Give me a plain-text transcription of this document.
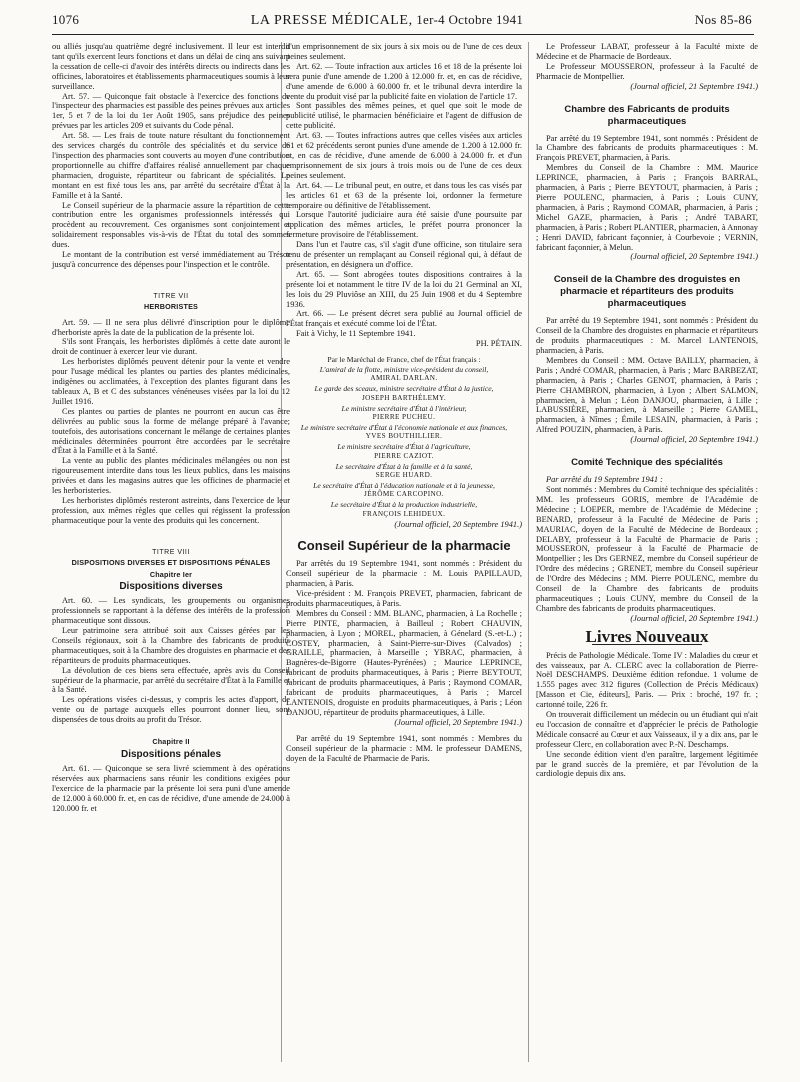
1076	LA PRESSE MÉDICALE, 1er-4 Octobre 1941	Nos 85-86

ou alliés jusqu'au quatrième degré inclusivement. Il leur est interdit tant qu'ils exercent leurs fonctions et dans un délai de cinq ans suivant la cessation de celle-ci d'avoir des intérêts directs ou indirects dans les officines, laboratoires et établissements pharmaceutiques soumis à leur surveillance.

Art. 57. — Quiconque fait obstacle à l'exercice des fonctions de l'inspecteur des pharmacies est passible des peines prévues aux articles 1er, 5 et 7 de la loi du 1er Août 1905, sans préjudice des peines prévues par les articles 209 et suivants du Code pénal.

Art. 58. — Les frais de toute nature résultant du fonctionnement des services chargés du contrôle des spécialités et du service de l'inspection des pharmacies sont couverts au moyen d'une contribution proportionnelle au chiffre d'affaires réalisé annuellement par chaque pharmacien, droguiste, répartiteur ou fabricant de spécialités. Le montant en est fixé tous les ans, par arrêté du secrétaire d'État à la Famille et à la Santé.

Le Conseil supérieur de la pharmacie assure la répartition de cette contribution entre les organismes professionnels intéressés qui procèdent au recouvrement. Ces organismes sont conjointement et solidairement responsables vis-à-vis de l'État du total des sommes dues.

Le montant de la contribution est versé immédiatement au Trésor jusqu'à concurrence des dépenses pour l'inspection et le contrôle.

TITRE VII

HERBORISTES

Art. 59. — Il ne sera plus délivré d'inscription pour le diplôme d'herboriste après la date de la publication de la présente loi.

S'ils sont Français, les herboristes diplômés à cette date auront le droit de continuer à exercer leur vie durant.

Les herboristes diplômés peuvent détenir pour la vente et vendre pour l'usage médical les plantes ou parties des plantes médicinales, indigènes ou acclimatées, à l'exception des plantes figurant dans les tableaux A, B et C des substances vénéneuses visées par la loi du 12 Juillet 1916.

Ces plantes ou parties de plantes ne pourront en aucun cas être délivrées au public sous la forme de mélange préparé à l'avance; toutefois, des autorisations concernant le mélange de certaines plantes médicinales déterminées pourront être accordées par le secrétaire d'État à la Famille et à la Santé.

La vente au public des plantes médicinales mélangées ou non est rigoureusement interdite dans tous les lieux publics, dans les maisons privées et dans les magasins autres que les officines de pharmacie et les herboristeries.

Les herboristes diplômés resteront astreints, dans l'exercice de leur profession, aux mêmes règles que celles qui régissent la profession pharmaceutique pour la vente des produits qui les concernent.

TITRE VIII

DISPOSITIONS DIVERSES ET DISPOSITIONS PÉNALES

Chapitre Ier

Dispositions diverses

Art. 60. — Les syndicats, les groupements ou organismes professionnels se rapportant à la défense des intérêts de la profession pharmaceutique sont dissous.

Leur patrimoine sera attribué soit aux Caisses gérées par les Conseils régionaux, soit à la Chambre des fabricants de produits pharmaceutiques, soit à la Chambre des droguistes en pharmacie et des répartiteurs de produits pharmaceutiques.

La dévolution de ces biens sera effectuée, après avis du Conseil supérieur de la pharmacie, par arrêté du secrétaire d'État à la Famille et à la Santé.

Les opérations visées ci-dessus, y compris les actes d'apport, de vente ou de partage auxquels elles pourront donner lieu, sont dispensées de tous droits au profit du Trésor.

Chapitre II

Dispositions pénales

Art. 61. — Quiconque se sera livré sciemment à des opérations réservées aux pharmaciens sans réunir les conditions exigées pour l'exercice de la pharmacie par la présente loi sera puni d'une amende de 12.000 à 60.000 fr. et, en cas de récidive, d'une amende de 24.000 à 120.000 fr. et

d'un emprisonnement de six jours à six mois ou de l'une de ces deux peines seulement.

Art. 62. — Toute infraction aux articles 16 et 18 de la présente loi sera punie d'une amende de 1.200 à 12.000 fr. et, en cas de récidive, d'une amende de 6.000 à 60.000 fr. et le tribunal devra interdire la vente du produit visé par la publicité faite en violation de l'article 17.

Sont passibles des mêmes peines, et quel que soit le mode de publicité utilisé, le pharmacien bénéficiaire et l'agent de diffusion de cette publicité.

Art. 63. — Toutes infractions autres que celles visées aux articles 61 et 62 précédents seront punies d'une amende de 1.200 à 12.000 fr. et, en cas de récidive, d'une amende de 6.000 à 24.000 fr. et d'un emprisonnement de six jours à trois mois ou de l'une de ces deux peines seulement.

Art. 64. — Le tribunal peut, en outre, et dans tous les cas visés par les articles 61 et 63 de la présente loi, ordonner la fermeture temporaire ou définitive de l'établissement.

Lorsque l'autorité judiciaire aura été saisie d'une poursuite par application des mêmes articles, le préfet pourra prononcer la fermeture provisoire de l'établissement.

Dans l'un et l'autre cas, s'il s'agit d'une officine, son titulaire sera tenu de présenter un remplaçant au Conseil régional qui, à défaut de présentation, en désignera un d'office.

Art. 65. — Sont abrogées toutes dispositions contraires à la présente loi et notamment le titre IV de la loi du 21 Germinal an XI, les lois du 29 Pluviôse an XIII, du 25 Juin 1908 et du 4 Septembre 1936.

Art. 66. — Le présent décret sera publié au Journal officiel de l'État français et exécuté comme loi de l'État.

Fait à Vichy, le 11 Septembre 1941.

PH. PÉTAIN.

Par le Maréchal de France, chef de l'État français :

L'amiral de la flotte, ministre vice-président du conseil,

AMIRAL DARLAN.

Le garde des sceaux, ministre secrétaire d'État à la justice,

JOSEPH BARTHÉLEMY.

Le ministre secrétaire d'État à l'intérieur,

PIERRE PUCHEU.

Le ministre secrétaire d'État à l'économie nationale et aux finances,

YVES BOUTHILLIER.

Le ministre secrétaire d'État à l'agriculture,

PIERRE CAZIOT.

Le secrétaire d'État à la famille et à la santé,

SERGE HUARD.

Le secrétaire d'État à l'éducation nationale et à la jeunesse,

JÉRÔME CARCOPINO.

Le secrétaire d'État à la production industrielle,

FRANÇOIS LEHIDEUX.

(Journal officiel, 20 Septembre 1941.)

Conseil Supérieur de la pharmacie

Par arrêtés du 19 Septembre 1941, sont nommés : Président du Conseil supérieur de la pharmacie : M. Louis PAPILLAUD, pharmacien, à Paris.

Vice-président : M. François PREVET, pharmacien, fabricant de produits pharmaceutiques, à Paris.

Membres du Conseil : MM. BLANC, pharmacien, à La Rochelle ; Pierre PINTE, pharmacien, à Bailleul ; Robert CHAUVIN, pharmacien, à Lyon ; MOREL, pharmacien, à Génelard (S.-et-L.) ; COSTEY, pharmacien, à Saint-Pierre-sur-Dives (Calvados) ; GRAILLE, pharmacien, à Marseille ; YBRAC, pharmacien, à Bagnères-de-Bigorre (Hautes-Pyrénées) ; Maurice LEPRINCE, fabricant de produits pharmaceutiques, à Paris ; Pierre BEYTOUT, fabricant de produits pharmaceutiques, à Paris ; Raymond COMAR, fabricant de produits pharmaceutiques, à Paris ; Marcel LANTENOIS, droguiste en produits pharmaceutiques, à Paris ; Léon DANJOU, répartiteur de produits pharmaceutiques, à Lille.

(Journal officiel, 20 Septembre 1941.)

Par arrêté du 19 Septembre 1941, sont nommés : Membres du Conseil supérieur de la pharmacie : MM. le professeur DAMENS, doyen de la Faculté de Pharmacie de Paris.

Le Professeur LABAT, professeur à la Faculté mixte de Médecine et de Pharmacie de Bordeaux.

Le Professeur MOUSSERON, professeur à la Faculté de Pharmacie de Montpellier.

(Journal officiel, 21 Septembre 1941.)

Chambre des Fabricants de produits pharmaceutiques

Par arrêté du 19 Septembre 1941, sont nommés : Président de la Chambre des fabricants de produits pharmaceutiques : M. François PREVET, pharmacien, à Paris.

Membres du Conseil de la Chambre : MM. Maurice LEPRINCE, pharmacien, à Paris ; François BARRAL, pharmacien, à Paris ; Pierre BEYTOUT, pharmacien, à Paris ; Pierre POULENC, pharmacien, à Paris ; Louis CUNY, pharmacien, à Paris ; Raymond COMAR, pharmacien, à Paris ; Michel GAZE, pharmacien, à Paris ; André TABART, pharmacien, à Paris ; Robert PLANTIER, pharmacien, à Annonay ; Henri DAVID, fabricant façonnier, à Courbevoie ; VERNIN, fabricant façonnier, à Melun.

(Journal officiel, 20 Septembre 1941.)

Conseil de la Chambre des droguistes en pharmacie et répartiteurs des produits pharmaceutiques

Par arrêté du 19 Septembre 1941, sont nommés : Président du Conseil de la Chambre des droguistes en pharmacie et répartiteurs de produits pharmaceutiques : M. Marcel LANTENOIS, pharmacien, à Paris.

Membres du Conseil : MM. Octave BAILLY, pharmacien, à Paris ; André COMAR, pharmacien, à Paris ; Marc BARBEZAT, pharmacien, à Paris ; Charles GENOT, pharmacien, à Paris ; Pierre CHAMBRON, pharmacien, à Lyon ; Albert SALMON, pharmacien, à Melun ; Léon DANJOU, pharmacien, à Lille ; LABUSSIÈRE, pharmacien, à Marseille ; Pierre GAMEL, pharmacien, à Nîmes ; Émile LESAIN, pharmacien, à Paris ; Alfred POUZIN, pharmacien, à Paris.

(Journal officiel, 20 Septembre 1941.)

Comité Technique des spécialités

Par arrêté du 19 Septembre 1941 :

Sont nommés : Membres du Comité technique des spécialités : MM. les professeurs GORIS, membre de l'Académie de Médecine ; LOEPER, membre de l'Académie de Médecine ; BENARD, professeur à la Faculté de Médecine de Paris ; MAURIAC, doyen de la Faculté de Médecine de Bordeaux ; DELABY, professeur à la Faculté de Pharmacie de Paris ; MOUSSERON, professeur à la Faculté de Pharmacie de Montpellier ; les Drs GERNEZ, membre du Conseil supérieur de l'Ordre des médecins ; GRENET, membre du Conseil supérieur de l'Ordre des Médecins ; MM. Pierre POULENC, membre du Conseil de la Chambre des fabricants de produits pharmaceutiques ; Louis CUNY, membre du Conseil de la Chambre des fabricants de produits pharmaceutiques.

(Journal officiel, 20 Septembre 1941.)

Livres Nouveaux

Précis de Pathologie Médicale. Tome IV : Maladies du cœur et des vaisseaux, par A. CLERC avec la collaboration de Pierre-Noël DESCHAMPS. Deuxième édition refondue. 1 volume de 1.555 pages avec 312 figures (Collection de Précis Médicaux) [Masson et Cie, éditeurs], Paris. — Prix : broché, 197 fr. ; cartonné toile, 226 fr.

On trouverait difficilement un médecin ou un étudiant qui n'ait eu l'occasion de connaître et d'apprécier le précis de Pathologie Médicale consacré au Cœur et aux Vaisseaux, il y a dix ans, par le professeur Clerc, en collaboration avec P.-N. Deschamps.

Une seconde édition vient d'en paraître, largement légitimée par le grand succès de la première, et par l'évolution de la cardiologie depuis dix ans.
